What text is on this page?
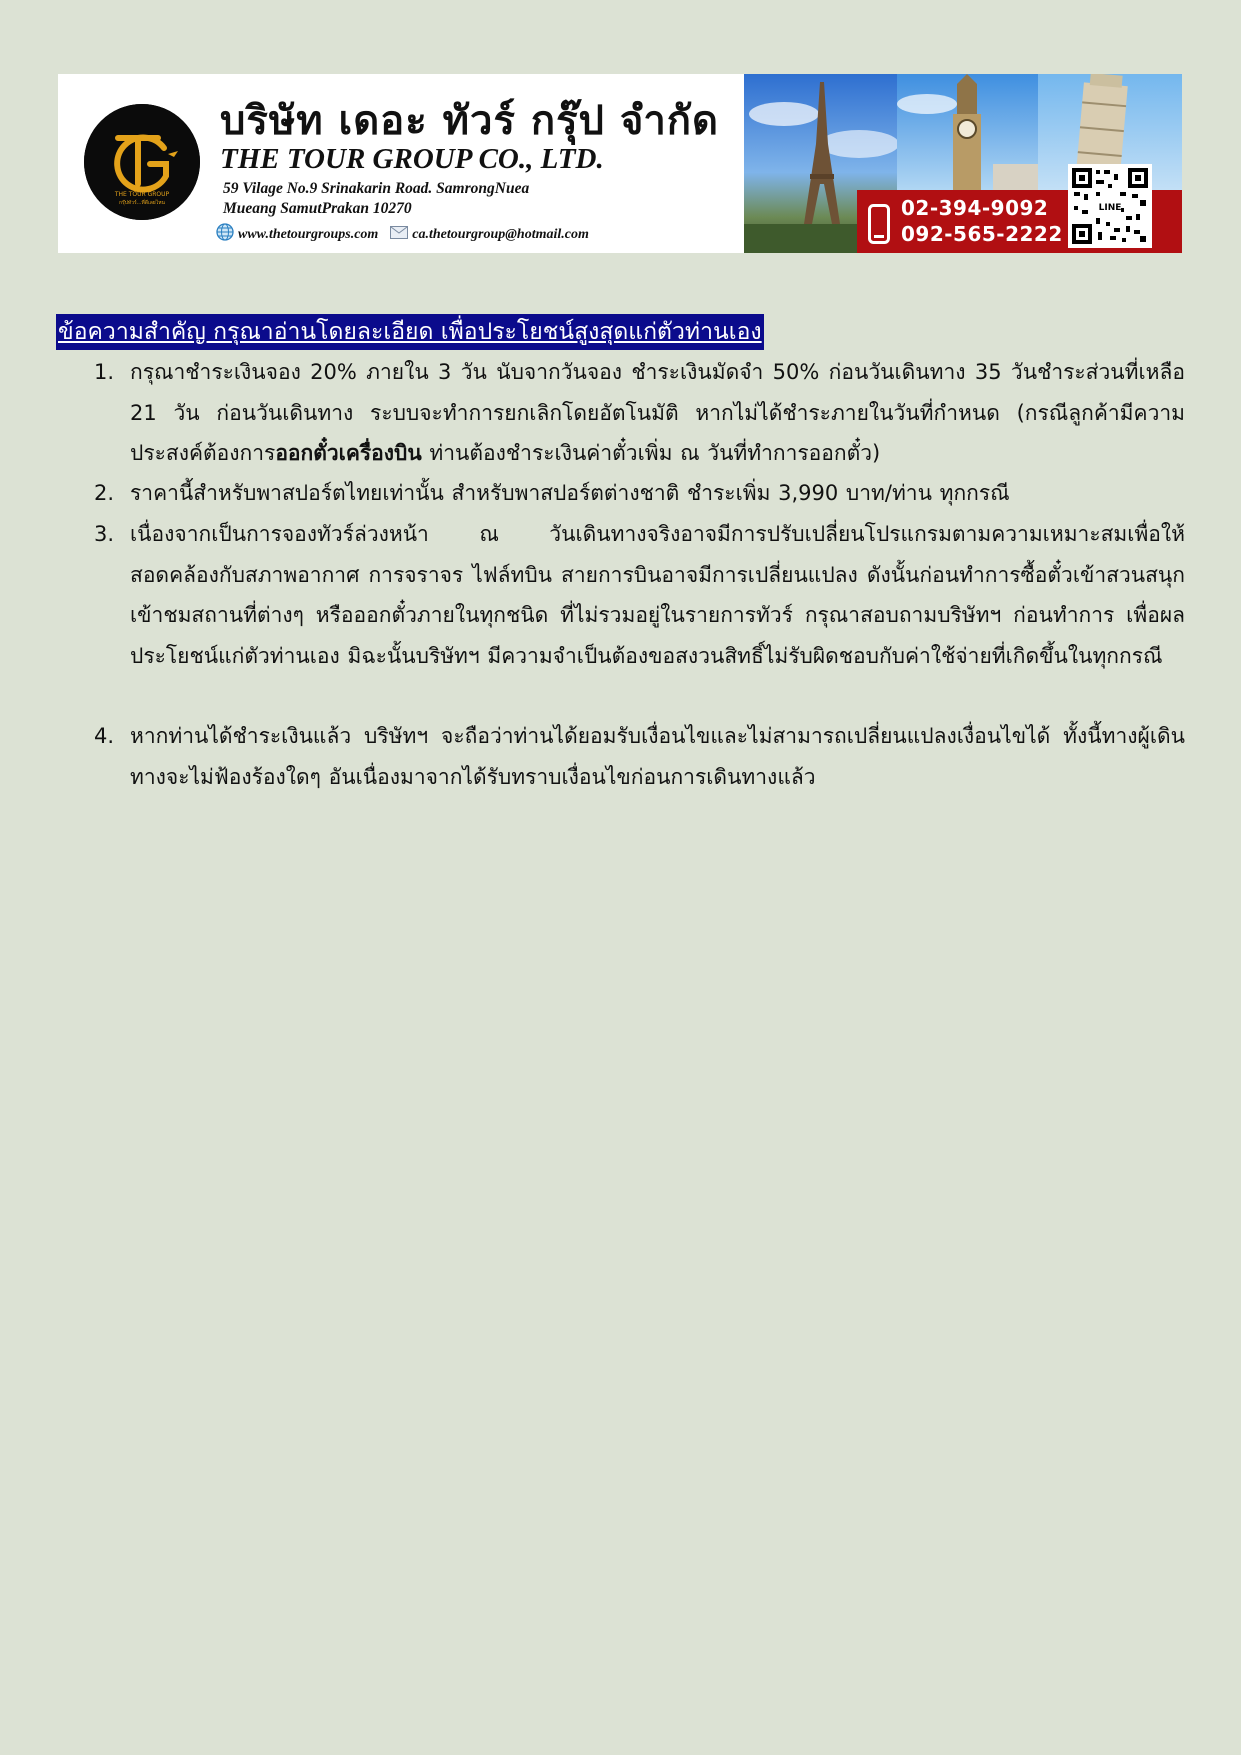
THE TOUR GROUP
กรุ๊ปทัวร์...ที่ดีเลยไหน
บริษัท เดอะ ทัวร์ กรุ๊ป จำกัด
THE TOUR GROUP CO., LTD.
59 Vilage No.9 Srinakarin Road. SamrongNuea
Mueang SamutPrakan 10270
www.thetourgroups.com ca.thetourgroup@hotmail.com
02-394-9092
092-565-2222
LINE
ข้อความสำคัญ กรุณาอ่านโดยละเอียด เพื่อประโยชน์สูงสุดแก่ตัวท่านเอง
1. กรุณาชำระเงินจอง 20% ภายใน 3 วัน นับจากวันจอง ชำระเงินมัดจำ 50% ก่อนวันเดินทาง 35 วันชำระส่วนที่เหลือ 21 วัน ก่อนวันเดินทาง ระบบจะทำการยกเลิกโดยอัตโนมัติ หากไม่ได้ชำระภายในวันที่กำหนด (กรณีลูกค้ามีความประสงค์ต้องการออกตั๋วเครื่องบิน ท่านต้องชำระเงินค่าตั๋วเพิ่ม ณ วันที่ทำการออกตั๋ว)
2. ราคานี้สำหรับพาสปอร์ตไทยเท่านั้น สำหรับพาสปอร์ตต่างชาติ ชำระเพิ่ม 3,990 บาท/ท่าน ทุกกรณี
3. เนื่องจากเป็นการจองทัวร์ล่วงหน้า ณ วันเดินทางจริงอาจมีการปรับเปลี่ยนโปรแกรมตามความเหมาะสมเพื่อให้สอดคล้องกับสภาพอากาศ การจราจร ไฟล์ทบิน สายการบินอาจมีการเปลี่ยนแปลง ดังนั้นก่อนทำการซื้อตั๋วเข้าสวนสนุก เข้าชมสถานที่ต่างๆ หรือออกตั๋วภายในทุกชนิด ที่ไม่รวมอยู่ในรายการทัวร์ กรุณาสอบถามบริษัทฯ ก่อนทำการ เพื่อผลประโยชน์แก่ตัวท่านเอง มิฉะนั้นบริษัทฯ มีความจำเป็นต้องขอสงวนสิทธิ์ไม่รับผิดชอบกับค่าใช้จ่ายที่เกิดขึ้นในทุกกรณี
4. หากท่านได้ชำระเงินแล้ว บริษัทฯ จะถือว่าท่านได้ยอมรับเงื่อนไขและไม่สามารถเปลี่ยนแปลงเงื่อนไขได้ ทั้งนี้ทางผู้เดินทางจะไม่ฟ้องร้องใดๆ อันเนื่องมาจากได้รับทราบเงื่อนไขก่อนการเดินทางแล้ว
